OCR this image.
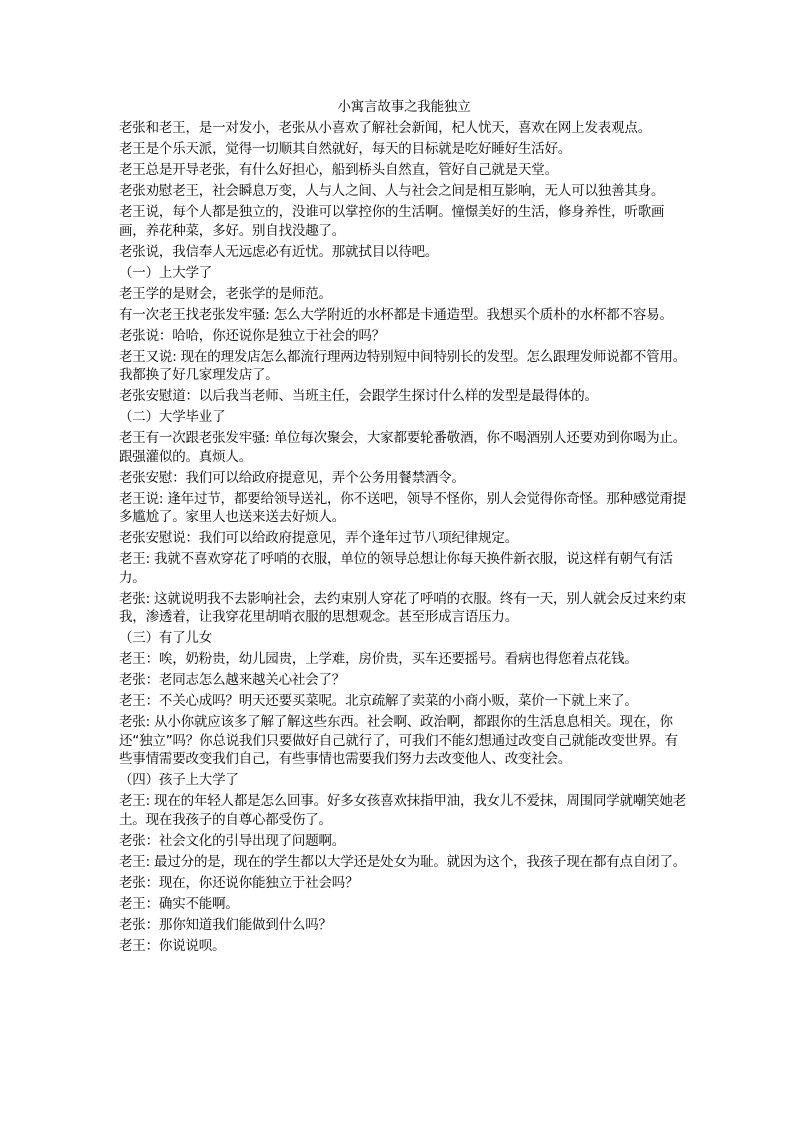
小寓言故事之我能独立

老张和老王，是一对发小，老张从小喜欢了解社会新闻，杞人忧天，喜欢在网上发表观点。

老王是个乐天派，觉得一切顺其自然就好，每天的目标就是吃好睡好生活好。

老王总是开导老张，有什么好担心，船到桥头自然直，管好自己就是天堂。

老张劝慰老王，社会瞬息万变，人与人之间、人与社会之间是相互影响，无人可以独善其身。

老王说，每个人都是独立的，没谁可以掌控你的生活啊。憧憬美好的生活，修身养性，听歌画画，养花种菜，多好。别自找没趣了。

老张说，我信奉人无远虑必有近忧。那就拭目以待吧。

（一）上大学了

老王学的是财会，老张学的是师范。

有一次老王找老张发牢骚: 怎么大学附近的水杯都是卡通造型。我想买个质朴的水杯都不容易。

老张说：哈哈，你还说你是独立于社会的吗？

老王又说: 现在的理发店怎么都流行理两边特别短中间特别长的发型。怎么跟理发师说都不管用。我都换了好几家理发店了。

老张安慰道：以后我当老师、当班主任，会跟学生探讨什么样的发型是最得体的。

（二）大学毕业了

老王有一次跟老张发牢骚: 单位每次聚会，大家都要轮番敬酒，你不喝酒别人还要劝到你喝为止。跟强灌似的。真烦人。

老张安慰：我们可以给政府提意见，弄个公务用餐禁酒令。

老王说: 逢年过节，都要给领导送礼，你不送吧，领导不怪你，别人会觉得你奇怪。那种感觉甭提多尴尬了。家里人也送来送去好烦人。

老张安慰说：我们可以给政府提意见，弄个逢年过节八项纪律规定。

老王: 我就不喜欢穿花了呼哨的衣服，单位的领导总想让你每天换件新衣服，说这样有朝气有活力。

老张: 这就说明我不去影响社会，去约束别人穿花了呼哨的衣服。终有一天，别人就会反过来约束我，渗透着，让我穿花里胡哨衣服的思想观念。甚至形成言语压力。

（三）有了儿女

老王：唉，奶粉贵，幼儿园贵，上学难，房价贵，买车还要摇号。看病也得您着点花钱。

老张：老同志怎么越来越关心社会了？

老王：不关心成吗？明天还要买菜呢。北京疏解了卖菜的小商小贩，菜价一下就上来了。

老张: 从小你就应该多了解了解这些东西。社会啊、政治啊，都跟你的生活息息相关。现在，你还“独立”吗？你总说我们只要做好自己就行了，可我们不能幻想通过改变自己就能改变世界。有些事情需要改变我们自己，有些事情也需要我们努力去改变他人、改变社会。

（四）孩子上大学了

老王: 现在的年轻人都是怎么回事。好多女孩喜欢抹指甲油，我女儿不爱抹，周围同学就嘲笑她老土。现在我孩子的自尊心都受伤了。

老张：社会文化的引导出现了问题啊。

老王: 最过分的是，现在的学生都以大学还是处女为耻。就因为这个，我孩子现在都有点自闭了。

老张：现在，你还说你能独立于社会吗？

老王：确实不能啊。

老张：那你知道我们能做到什么吗？

老王：你说说呗。
